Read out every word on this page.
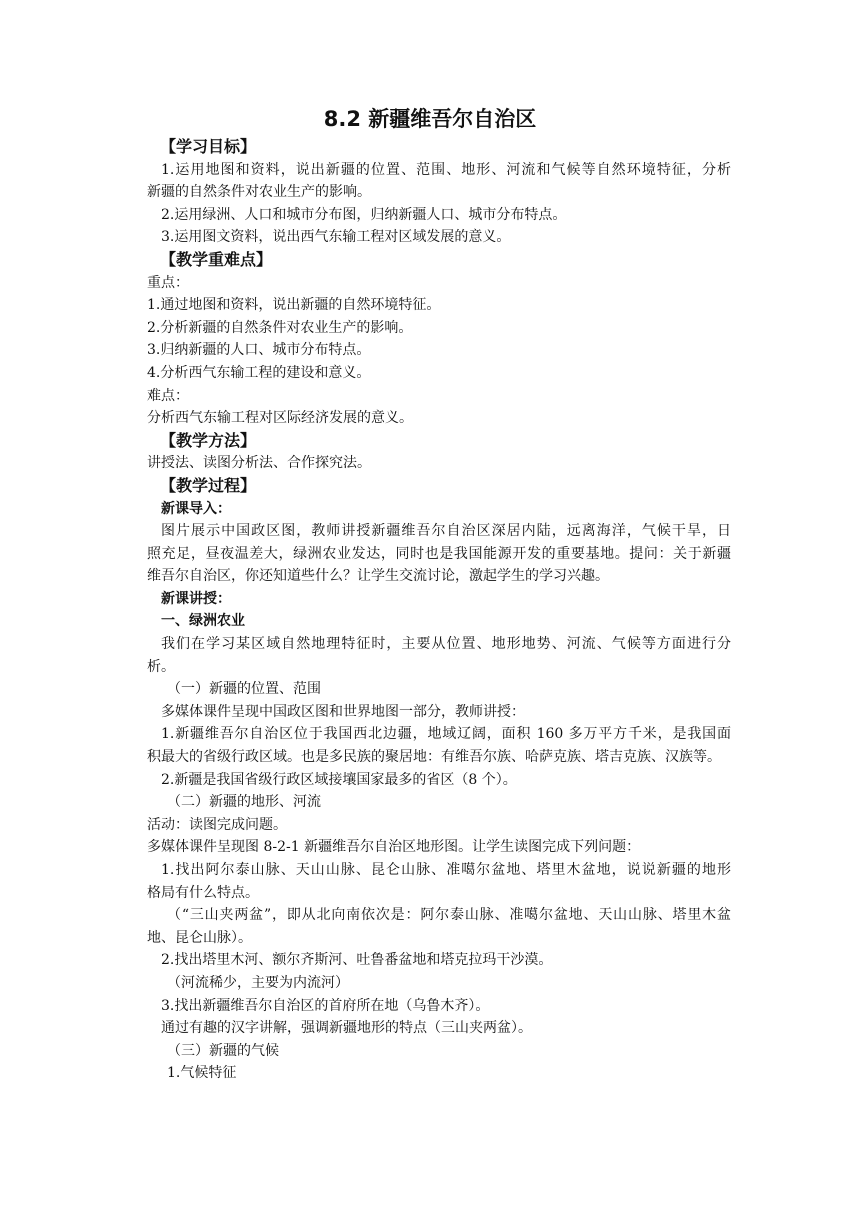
8.2 新疆维吾尔自治区
【学习目标】
1.运用地图和资料，说出新疆的位置、范围、地形、河流和气候等自然环境特征，分析
新疆的自然条件对农业生产的影响。
2.运用绿洲、人口和城市分布图，归纳新疆人口、城市分布特点。
3.运用图文资料，说出西气东输工程对区域发展的意义。
【教学重难点】
重点：
1.通过地图和资料，说出新疆的自然环境特征。
2.分析新疆的自然条件对农业生产的影响。
3.归纳新疆的人口、城市分布特点。
4.分析西气东输工程的建设和意义。
难点：
分析西气东输工程对区际经济发展的意义。
【教学方法】
讲授法、读图分析法、合作探究法。
【教学过程】
新课导入：
图片展示中国政区图，教师讲授新疆维吾尔自治区深居内陆，远离海洋，气候干旱，日
照充足，昼夜温差大，绿洲农业发达，同时也是我国能源开发的重要基地。提问：关于新疆
维吾尔自治区，你还知道些什么？让学生交流讨论，激起学生的学习兴趣。
新课讲授：
一、绿洲农业
我们在学习某区域自然地理特征时，主要从位置、地形地势、河流、气候等方面进行分
析。
（一）新疆的位置、范围
多媒体课件呈现中国政区图和世界地图一部分，教师讲授：
1.新疆维吾尔自治区位于我国西北边疆，地域辽阔，面积 160 多万平方千米，是我国面
积最大的省级行政区域。也是多民族的聚居地：有维吾尔族、哈萨克族、塔吉克族、汉族等。
2.新疆是我国省级行政区域接壤国家最多的省区（8 个）。
（二）新疆的地形、河流
活动：读图完成问题。
多媒体课件呈现图 8-2-1 新疆维吾尔自治区地形图。让学生读图完成下列问题：
1.找出阿尔泰山脉、天山山脉、昆仑山脉、准噶尔盆地、塔里木盆地，说说新疆的地形
格局有什么特点。
（“三山夹两盆”，即从北向南依次是：阿尔泰山脉、准噶尔盆地、天山山脉、塔里木盆
地、昆仑山脉）。
2.找出塔里木河、额尔齐斯河、吐鲁番盆地和塔克拉玛干沙漠。
（河流稀少，主要为内流河）
3.找出新疆维吾尔自治区的首府所在地（乌鲁木齐）。
通过有趣的汉字讲解，强调新疆地形的特点（三山夹两盆）。
（三）新疆的气候
1.气候特征
